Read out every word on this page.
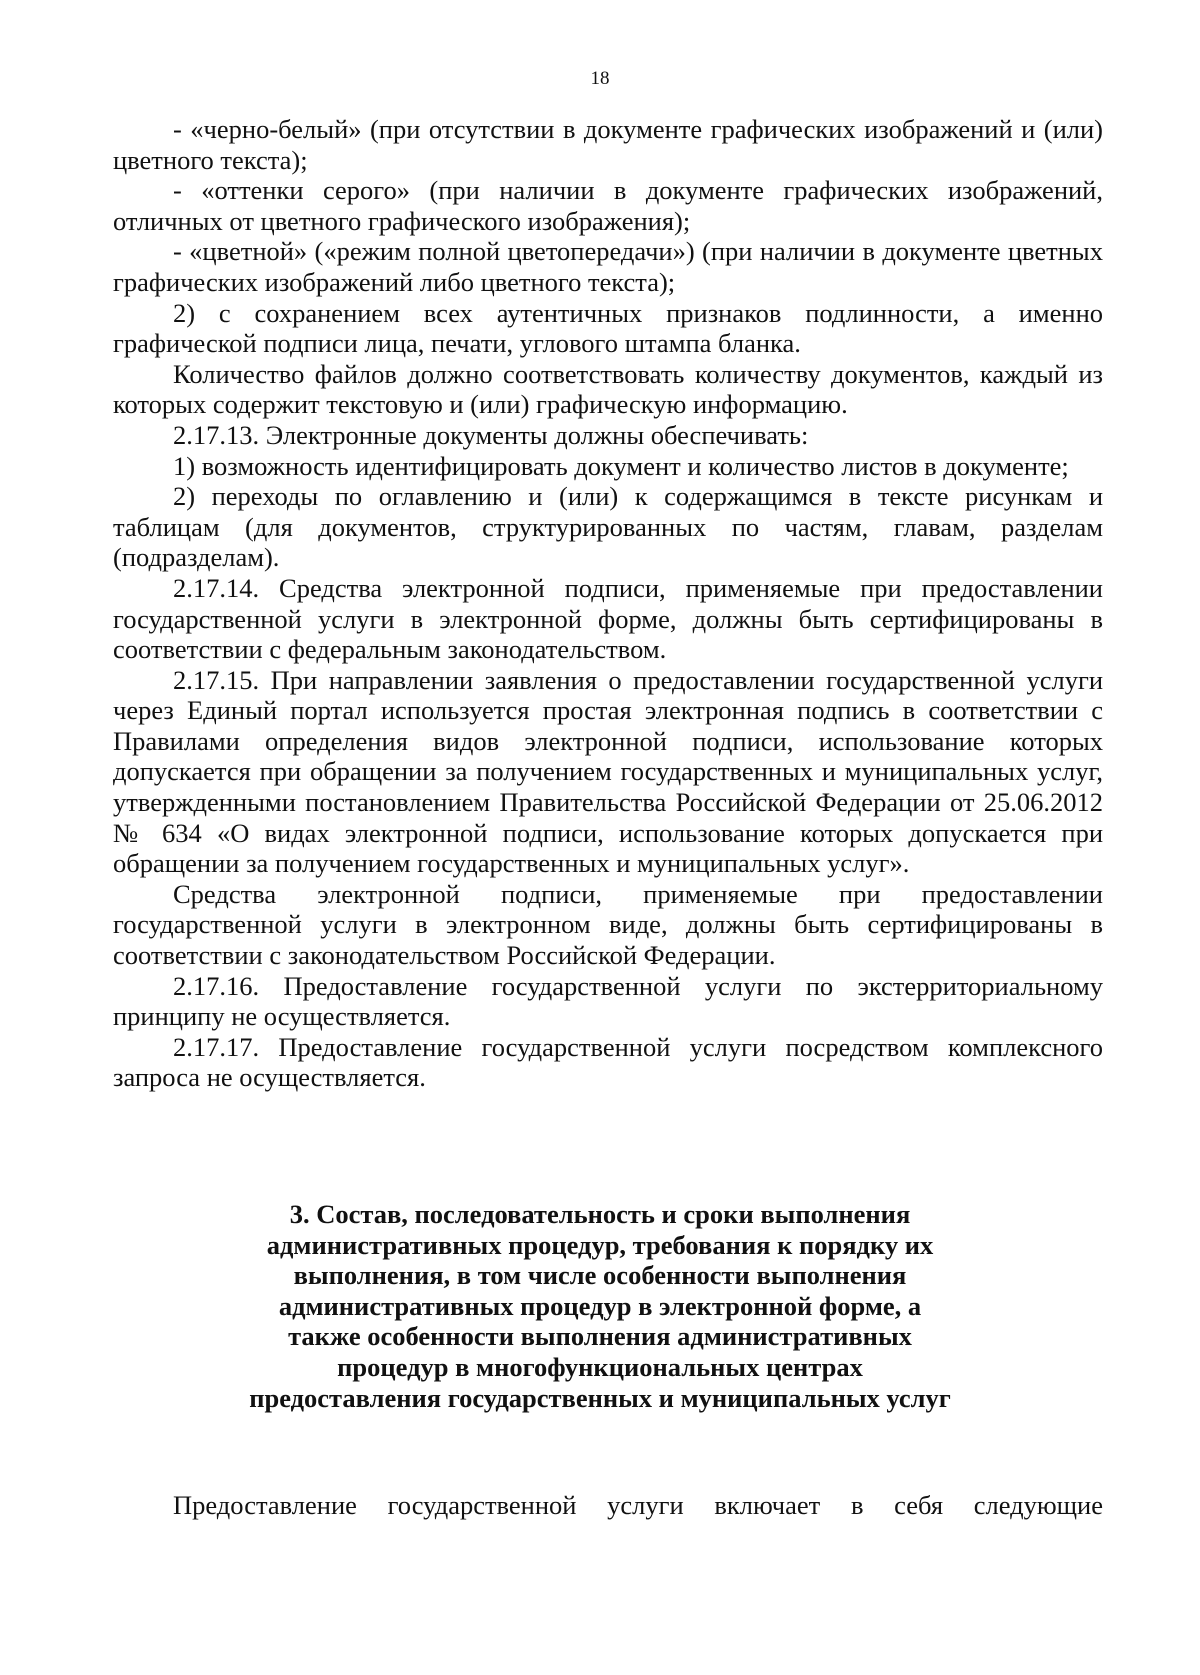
18

- «черно-белый» (при отсутствии в документе графических изображений и (или) цветного текста);

- «оттенки серого» (при наличии в документе графических изображений, отличных от цветного графического изображения);

- «цветной» («режим полной цветопередачи») (при наличии в документе цветных графических изображений либо цветного текста);

2) с сохранением всех аутентичных признаков подлинности, а именно графической подписи лица, печати, углового штампа бланка.

Количество файлов должно соответствовать количеству документов, каждый из которых содержит текстовую и (или) графическую информацию.

2.17.13. Электронные документы должны обеспечивать:

1) возможность идентифицировать документ и количество листов в документе;

2) переходы по оглавлению и (или) к содержащимся в тексте рисункам и таблицам (для документов, структурированных по частям, главам, разделам (подразделам).

2.17.14. Средства электронной подписи, применяемые при предоставлении государственной услуги в электронной форме, должны быть сертифицированы в соответствии с федеральным законодательством.

2.17.15. При направлении заявления о предоставлении государственной услуги через Единый портал используется простая электронная подпись в соответствии с Правилами определения видов электронной подписи, использование которых допускается при обращении за получением государственных и муниципальных услуг, утвержденными постановлением Правительства Российской Федерации от 25.06.2012 № 634 «О видах электронной подписи, использование которых допускается при обращении за получением государственных и муниципальных услуг».

Средства электронной подписи, применяемые при предоставлении государственной услуги в электронном виде, должны быть сертифицированы в соответствии с законодательством Российской Федерации.

2.17.16. Предоставление государственной услуги по экстерриториальному принципу не осуществляется.

2.17.17. Предоставление государственной услуги посредством комплексного запроса не осуществляется.

3. Состав, последовательность и сроки выполнения административных процедур, требования к порядку их выполнения, в том числе особенности выполнения административных процедур в электронной форме, а также особенности выполнения административных процедур в многофункциональных центрах предоставления государственных и муниципальных услуг

Предоставление государственной услуги включает в себя следующие
